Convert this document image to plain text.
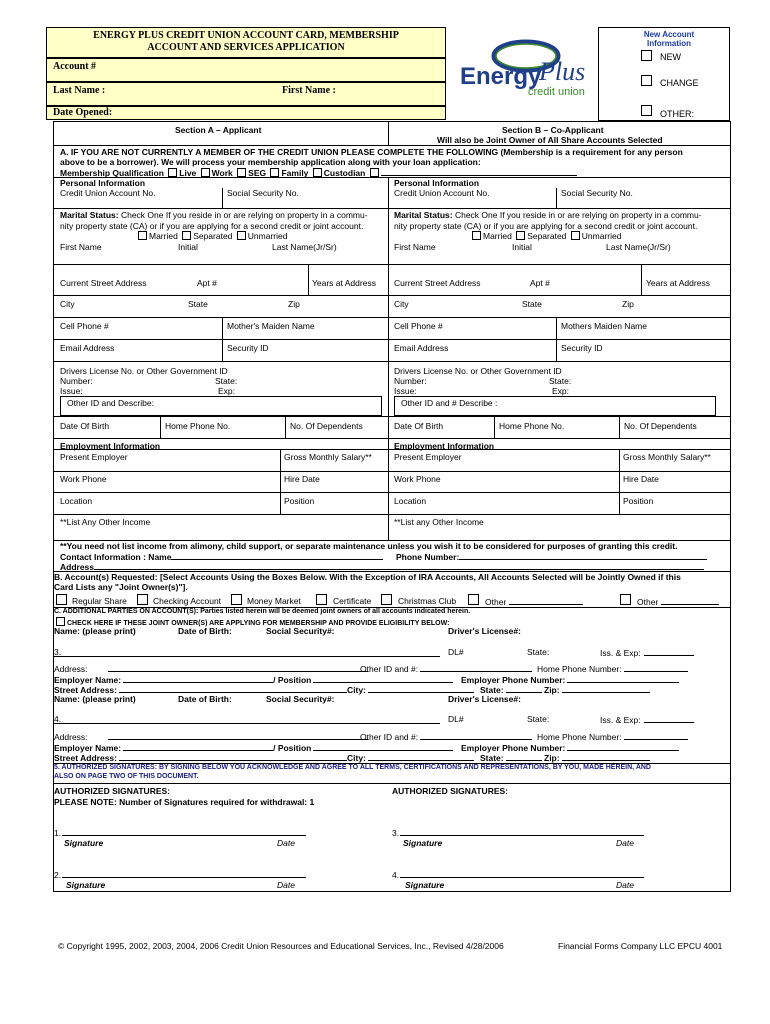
ENERGY PLUS CREDIT UNION ACCOUNT CARD, MEMBERSHIP
ACCOUNT AND SERVICES APPLICATION
Account #
Last Name :	First Name :
Date Opened:
Energy
Plus
credit union
New Account Information
NEW
CHANGE
OTHER:
Section A – Applicant	Section B – Co-Applicant
Will also be Joint Owner of All Share Accounts Selected
A. IF YOU ARE NOT CURRENTLY A MEMBER OF THE CREDIT UNION PLEASE COMPLETE THE FOLLOWING (Membership is a requirement for any person
above to be a borrower). We will process your membership application along with your loan application:
Membership Qualification Live Work SEG Family Custodian
Personal Information
Credit Union Account No.	Social Security No.
Marital Status: Check One If you reside in or are relying on property in a commu-
nity property state (CA) or if you are applying for a second credit or joint account.
Married Separated Unmarried
First Name	Initial	Last Name(Jr/Sr)
Current Street Address	Apt #	Years at Address
City	State	Zip
Cell Phone #	Mother's Maiden Name
Email Address	Security ID
Drivers License No. or Other Government ID
Number:	State:
Issue:	Exp:
Other ID and Describe:
Date Of Birth	Home Phone No.	No. Of Dependents
Employment Information
Present Employer	Gross Monthly Salary**
Work Phone	Hire Date
Location	Position
**List Any Other Income
Personal Information
Credit Union Account No.	Social Security No.
Marital Status: Check One If you reside in or are relying on property in a commu-
nity property state (CA) or if you are applying for a second credit or joint account.
Married Separated Unmarried
First Name	Initial	Last Name(Jr/Sr)
Current Street Address	Apt #	Years at Address
City	State	Zip
Cell Phone #	Mothers Maiden Name
Email Address	Security ID
Drivers License No. or Other Government ID
Number:	State:
Issue:	Exp:
Other ID and # Describe :
Date Of Birth	Home Phone No.	No. Of Dependents
Employment Information
Present Employer	Gross Monthly Salary**
Work Phone	Hire Date
Location	Position
**List any Other Income
**You need not list income from alimony, child support, or separate maintenance unless you wish it to be considered for purposes of granting this credit.
Contact Information : Name	Phone Number:
Address
B. Account(s) Requested: [Select Accounts Using the Boxes Below. With the Exception of IRA Accounts, All Accounts Selected will be Jointly Owned if this
Card Lists any "Joint Owner(s)"].
Regular Share	Checking Account	Money Market	Certificate	Christmas Club	Other	Other
C. ADDITIONAL PARTIES ON ACCOUNT(S): Parties listed herein will be deemed joint owners of all accounts indicated herein.
CHECK HERE IF THESE JOINT OWNER(S) ARE APPLYING FOR MEMBERSHIP AND PROVIDE ELIGIBILITY BELOW:
Name: (please print)	Date of Birth:	Social Security#:	Driver's License#:
3.	DL#	State:	Iss. & Exp:
Address:	Other ID and #:	Home Phone Number:
Employer Name:	/ Position	Employer Phone Number:
Street Address:	City:	State:	Zip:
Name: (please print)	Date of Birth:	Social Security#:	Driver's License#:
4.	DL#	State:	Iss. & Exp:
Address:	Other ID and #:	Home Phone Number:
Employer Name:	/ Position	Employer Phone Number:
Street Address:	City:	State:	Zip:
5. AUTHORIZED SIGNATURES: BY SIGNING BELOW YOU ACKNOWLEDGE AND AGREE TO ALL TERMS, CERTIFICATIONS AND REPRESENTATIONS, BY YOU, MADE HEREIN, AND
ALSO ON PAGE TWO OF THIS DOCUMENT.
AUTHORIZED SIGNATURES:	AUTHORIZED SIGNATURES:
PLEASE NOTE: Number of Signatures required for withdrawal: 1
1.
Signature	Date
3.
Signature	Date
2.
Signature	Date
4.
Signature	Date
© Copyright 1995, 2002, 2003, 2004, 2006 Credit Union Resources and Educational Services, Inc., Revised 4/28/2006	Financial Forms Company LLC EPCU 4001
